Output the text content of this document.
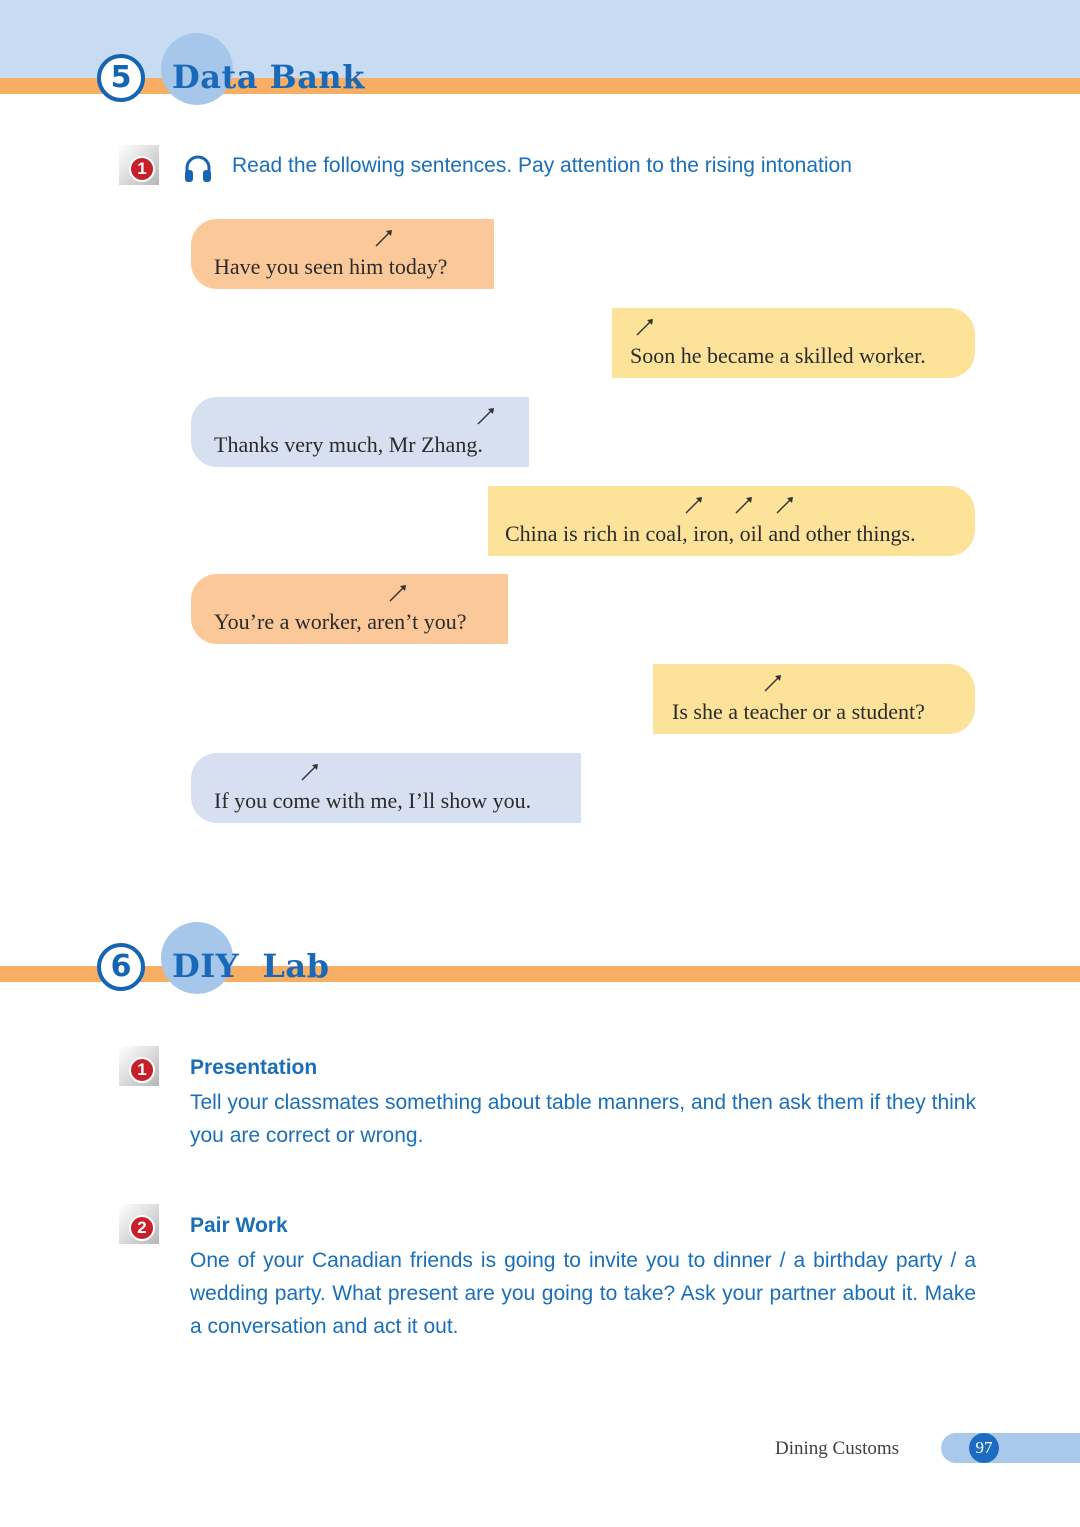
5	Data Bank
1	Read the following sentences. Pay attention to the rising intonation
Have you seen him today?
Soon he became a skilled worker.
Thanks very much, Mr Zhang.
China is rich in coal, iron, oil and other things.
You’re a worker, aren’t you?
Is she a teacher or a student?
If you come with me, I’ll show you.
6	DIY  Lab
1	Presentation
Tell your classmates something about table manners, and then ask them if they think you are correct or wrong.
2	Pair Work
One of your Canadian friends is going to invite you to dinner / a birthday party / a wedding party. What present are you going to take? Ask your partner about it. Make a conversation and act it out.
Dining Customs	97
